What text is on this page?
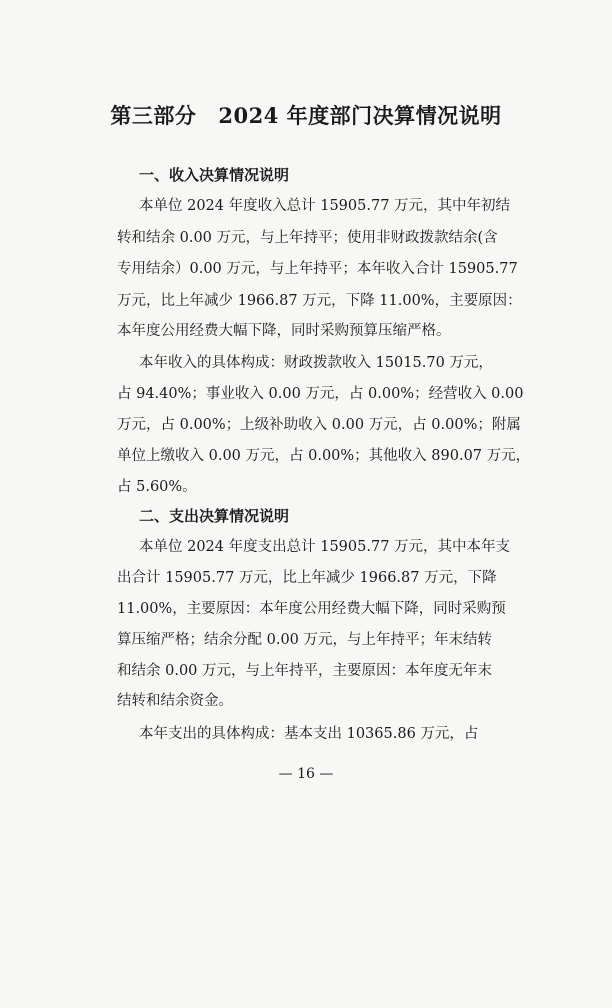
第三部分 2024 年度部门决算情况说明
一、收入决算情况说明
本单位 2024 年度收入总计 15905.77 万元，其中年初结
转和结余 0.00 万元，与上年持平；使用非财政拨款结余(含
专用结余）0.00 万元，与上年持平；本年收入合计 15905.77
万元，比上年减少 1966.87 万元，下降 11.00%，主要原因：
本年度公用经费大幅下降，同时采购预算压缩严格。
本年收入的具体构成：财政拨款收入 15015.70 万元，
占 94.40%；事业收入 0.00 万元，占 0.00%；经营收入 0.00
万元，占 0.00%；上级补助收入 0.00 万元，占 0.00%；附属
单位上缴收入 0.00 万元，占 0.00%；其他收入 890.07 万元，
占 5.60%。
二、支出决算情况说明
本单位 2024 年度支出总计 15905.77 万元，其中本年支
出合计 15905.77 万元，比上年减少 1966.87 万元，下降
11.00%，主要原因：本年度公用经费大幅下降，同时采购预
算压缩严格；结余分配 0.00 万元，与上年持平；年末结转
和结余 0.00 万元，与上年持平，主要原因：本年度无年末
结转和结余资金。
本年支出的具体构成：基本支出 10365.86 万元，占
— 16 —
